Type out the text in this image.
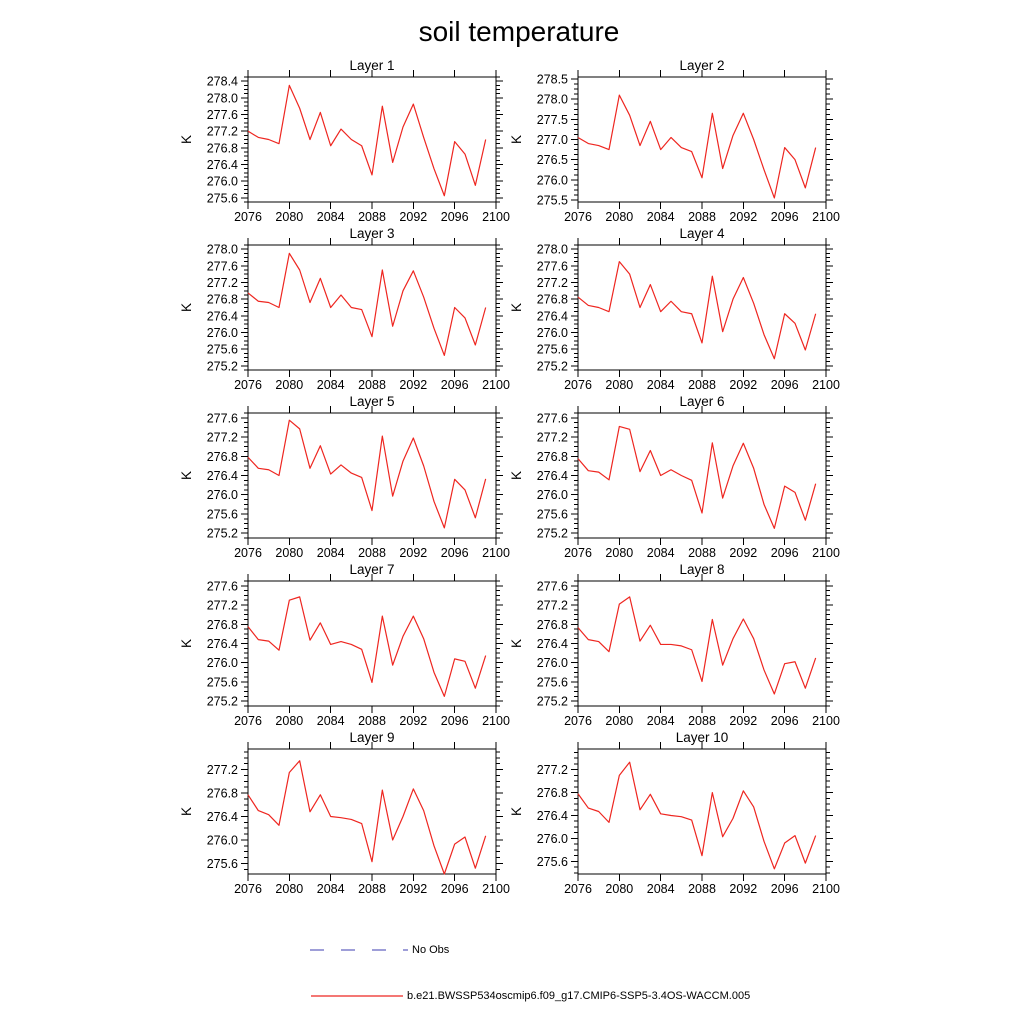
soil temperature
Layer 1
K
2076 2080 2084 2088 2092 2096 2100
275.6
276.0
276.4
276.8
277.2
277.6
278.0
278.4
Layer 2
K
2076 2080 2084 2088 2092 2096 2100
275.5
276.0
276.5
277.0
277.5
278.0
278.5
Layer 3
K
2076 2080 2084 2088 2092 2096 2100
275.2
275.6
276.0
276.4
276.8
277.2
277.6
278.0
Layer 4
K
2076 2080 2084 2088 2092 2096 2100
275.2
275.6
276.0
276.4
276.8
277.2
277.6
278.0
Layer 5
K
2076 2080 2084 2088 2092 2096 2100
275.2
275.6
276.0
276.4
276.8
277.2
277.6
Layer 6
K
2076 2080 2084 2088 2092 2096 2100
275.2
275.6
276.0
276.4
276.8
277.2
277.6
Layer 7
K
2076 2080 2084 2088 2092 2096 2100
275.2
275.6
276.0
276.4
276.8
277.2
277.6
Layer 8
K
2076 2080 2084 2088 2092 2096 2100
275.2
275.6
276.0
276.4
276.8
277.2
277.6
Layer 9
K
2076 2080 2084 2088 2092 2096 2100
275.6
276.0
276.4
276.8
277.2
Layer 10
K
2076 2080 2084 2088 2092 2096 2100
275.6
276.0
276.4
276.8
277.2
No Obs
b.e21.BWSSP534oscmip6.f09_g17.CMIP6-SSP5-3.4OS-WACCM.005
